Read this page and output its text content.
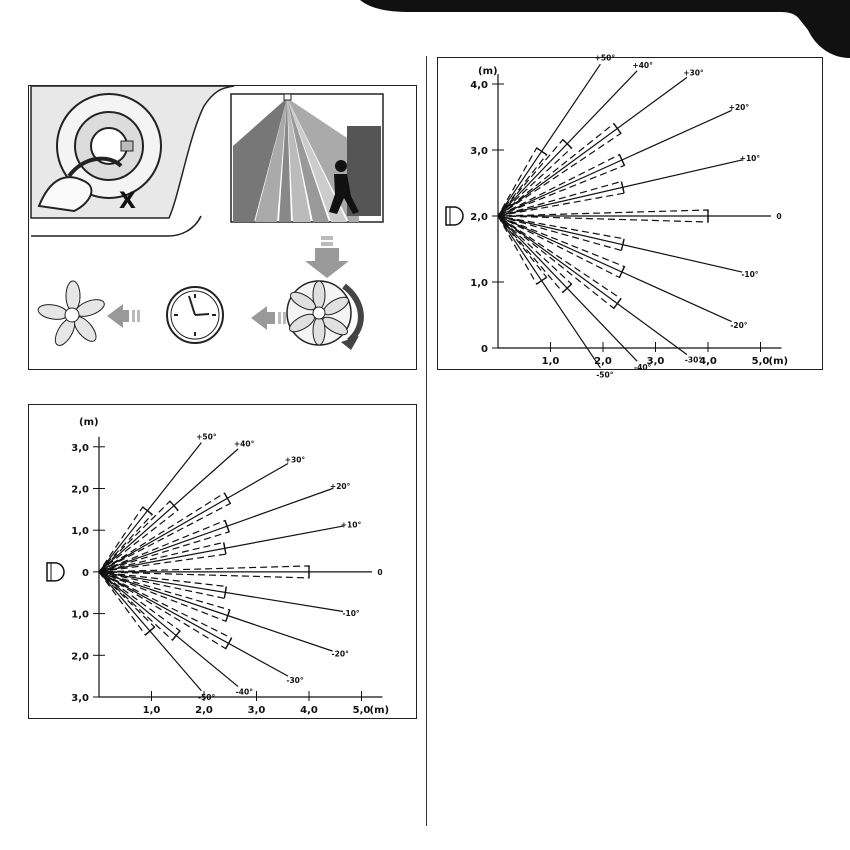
X
(m)
4,0
3,0
2,0
1,0
0
1,0	2,0	3,0	4,0	5,0 (m)
+50°
+40°
+30°
+20°
+10°
0
-10°
-20°
-30°
-40°
-50°
(m)
3,0
2,0
1,0
0
1,0
2,0
3,0
1,0	2,0	3,0	4,0	5,0 (m)
+50°
+40°
+30°
+20°
+10°
0
-10°
-20°
-30°
-40°
-50°
